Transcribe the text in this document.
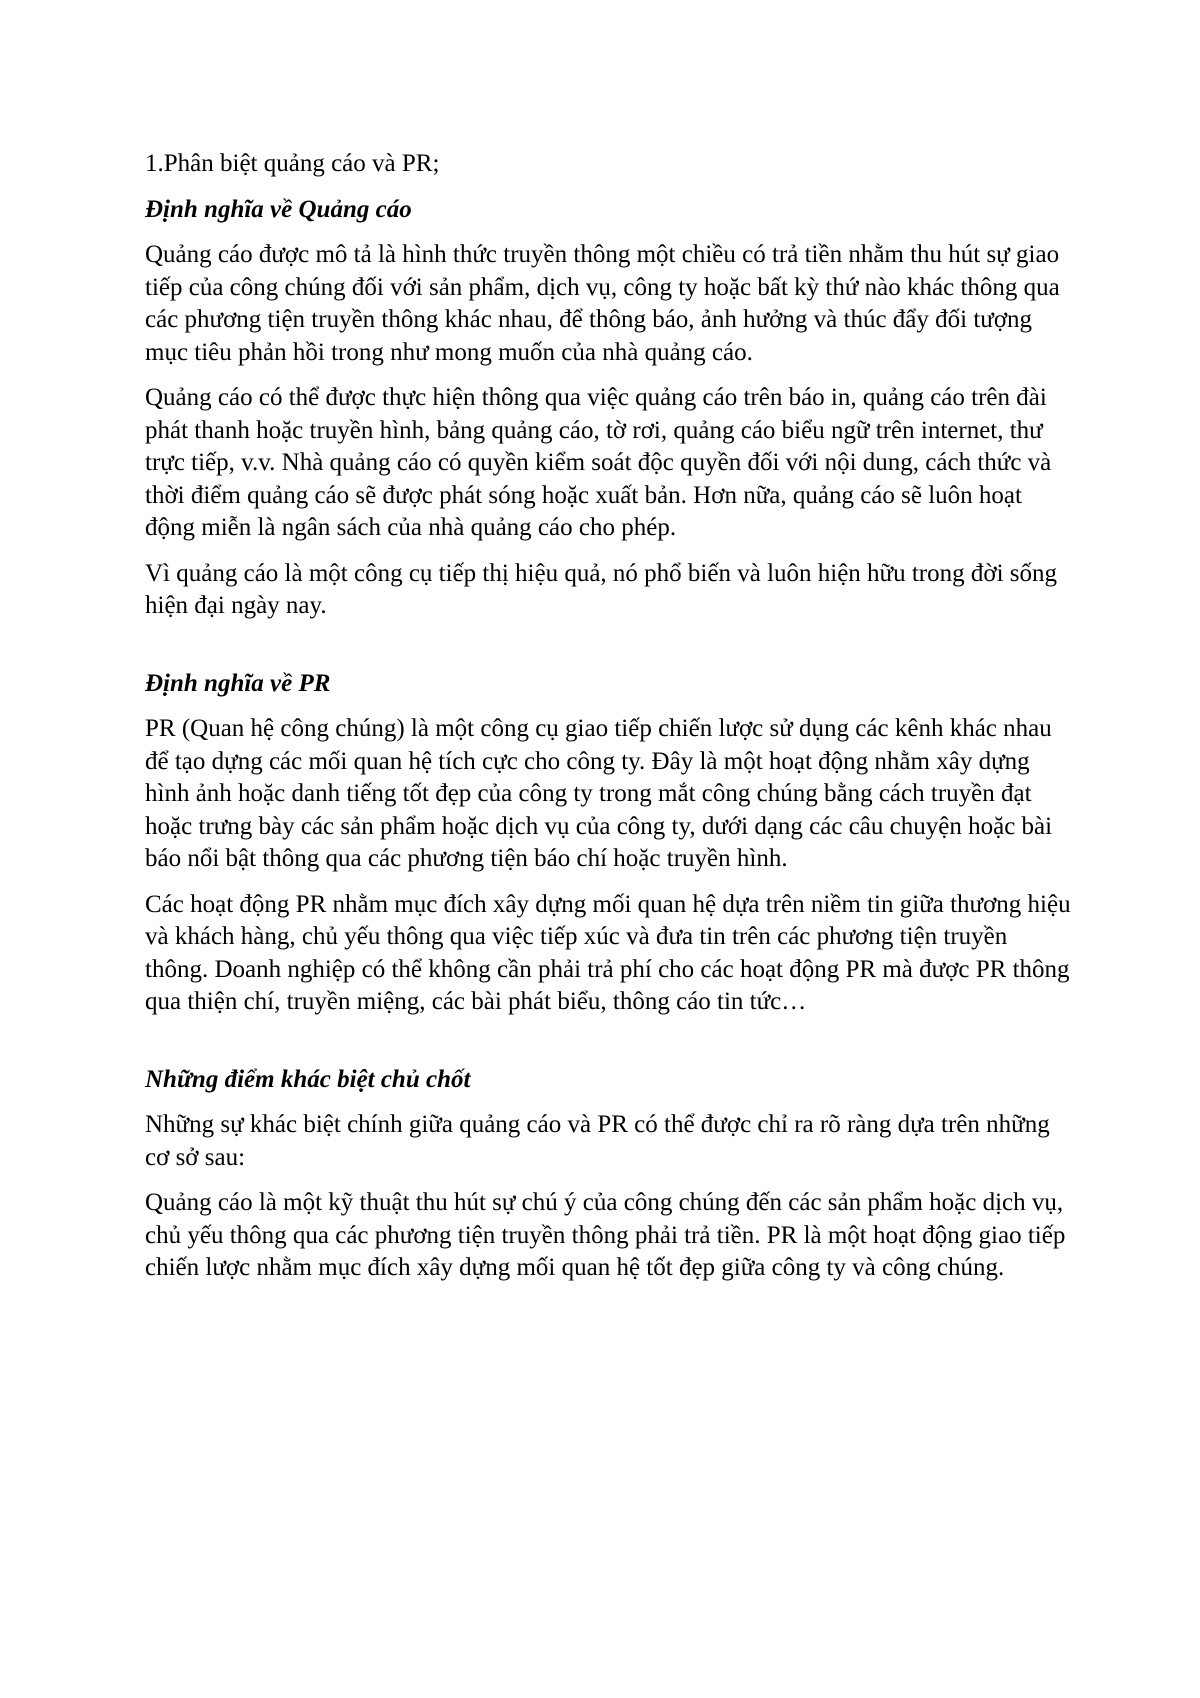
1.Phân biệt quảng cáo và PR;

Định nghĩa về Quảng cáo

Quảng cáo được mô tả là hình thức truyền thông một chiều có trả tiền nhằm thu hút sự giao tiếp của công chúng đối với sản phẩm, dịch vụ, công ty hoặc bất kỳ thứ nào khác thông qua các phương tiện truyền thông khác nhau, để thông báo, ảnh hưởng và thúc đẩy đối tượng mục tiêu phản hồi trong như mong muốn của nhà quảng cáo.

Quảng cáo có thể được thực hiện thông qua việc quảng cáo trên báo in, quảng cáo trên đài phát thanh hoặc truyền hình, bảng quảng cáo, tờ rơi, quảng cáo biểu ngữ trên internet, thư trực tiếp, v.v. Nhà quảng cáo có quyền kiểm soát độc quyền đối với nội dung, cách thức và thời điểm quảng cáo sẽ được phát sóng hoặc xuất bản. Hơn nữa, quảng cáo sẽ luôn hoạt động miễn là ngân sách của nhà quảng cáo cho phép.

Vì quảng cáo là một công cụ tiếp thị hiệu quả, nó phổ biến và luôn hiện hữu trong đời sống hiện đại ngày nay.

Định nghĩa về PR

PR (Quan hệ công chúng) là một công cụ giao tiếp chiến lược sử dụng các kênh khác nhau để tạo dựng các mối quan hệ tích cực cho công ty. Đây là một hoạt động nhằm xây dựng hình ảnh hoặc danh tiếng tốt đẹp của công ty trong mắt công chúng bằng cách truyền đạt hoặc trưng bày các sản phẩm hoặc dịch vụ của công ty, dưới dạng các câu chuyện hoặc bài báo nổi bật thông qua các phương tiện báo chí hoặc truyền hình.

Các hoạt động PR nhằm mục đích xây dựng mối quan hệ dựa trên niềm tin giữa thương hiệu và khách hàng, chủ yếu thông qua việc tiếp xúc và đưa tin trên các phương tiện truyền thông. Doanh nghiệp có thể không cần phải trả phí cho các hoạt động PR mà được PR thông qua thiện chí, truyền miệng, các bài phát biểu, thông cáo tin tức…

Những điểm khác biệt chủ chốt

Những sự khác biệt chính giữa quảng cáo và PR có thể được chỉ ra rõ ràng dựa trên những cơ sở sau:

Quảng cáo là một kỹ thuật thu hút sự chú ý của công chúng đến các sản phẩm hoặc dịch vụ, chủ yếu thông qua các phương tiện truyền thông phải trả tiền. PR là một hoạt động giao tiếp chiến lược nhằm mục đích xây dựng mối quan hệ tốt đẹp giữa công ty và công chúng.
